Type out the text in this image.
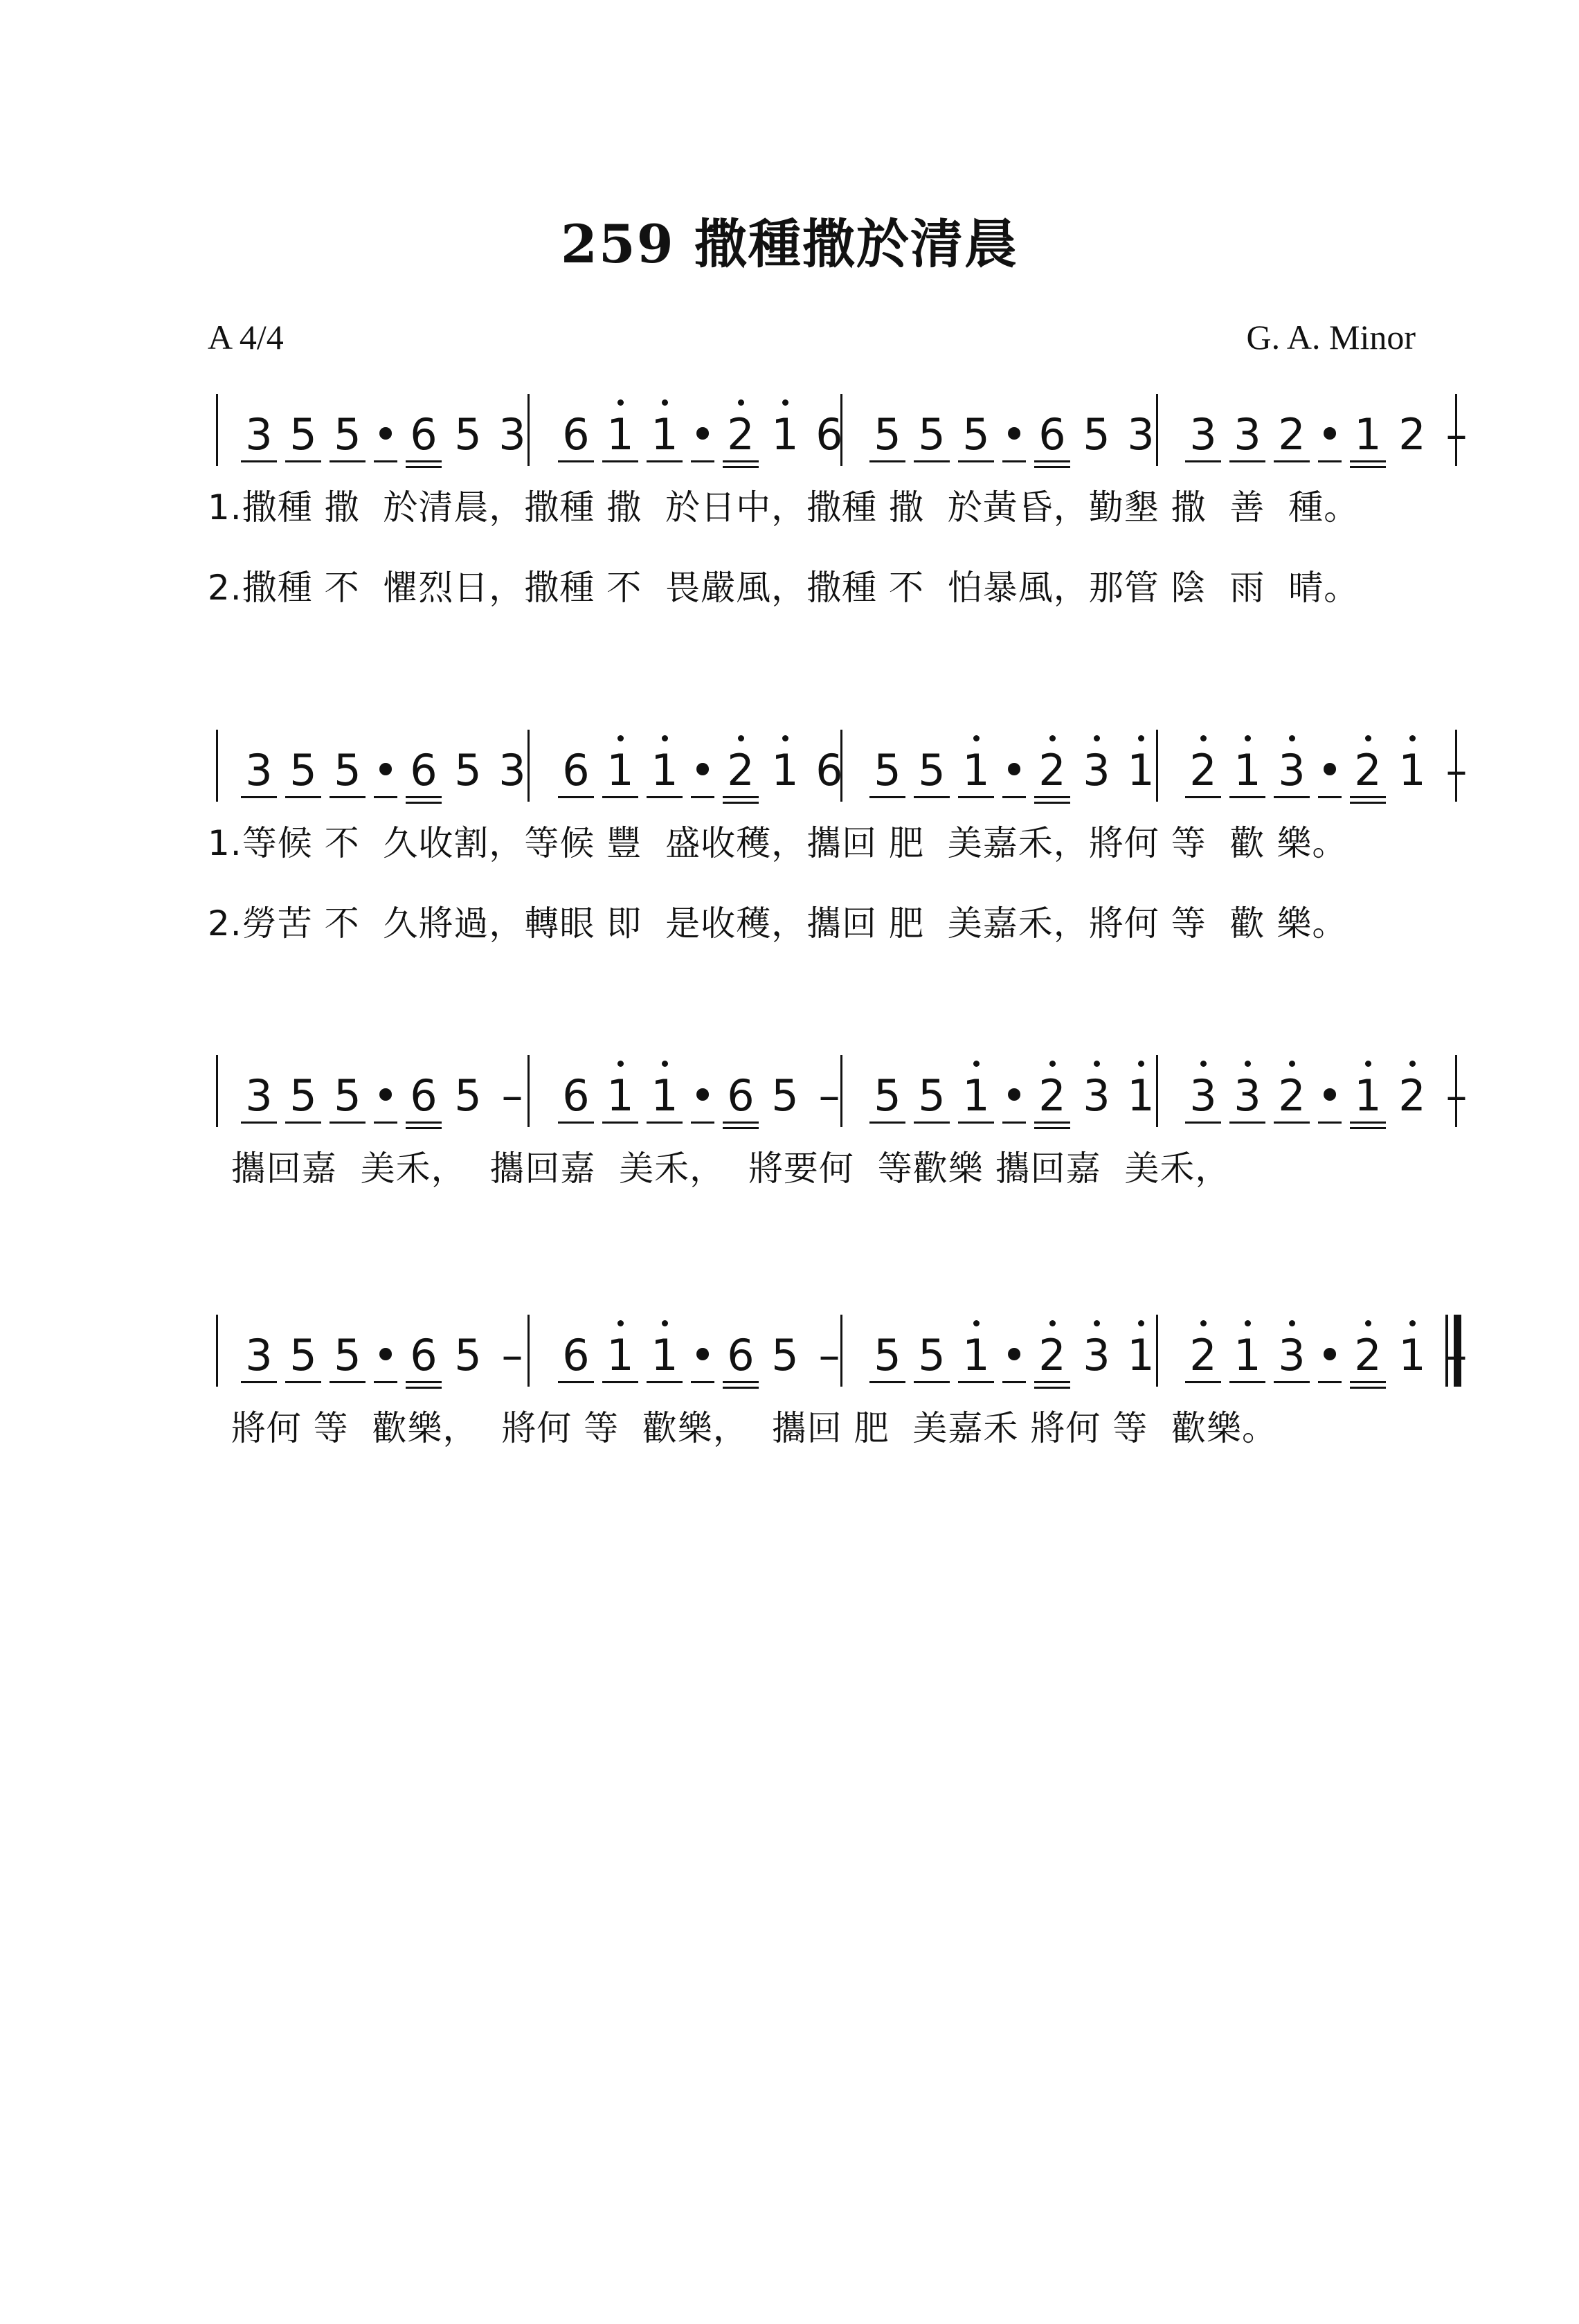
259 撒種撒於清晨
A 4/4	G. A. Minor
3 5 5 • 6 5 3 6 1 1 • 2 1 6 5 5 5 • 6 5 3 3 3 2 • 1 2 –
1.撒種 撒  於清晨，撒種 撒  於日中，撒種 撒  於黃昏，勤墾 撒  善  種。
2.撒種 不  懼烈日，撒種 不  畏嚴風，撒種 不  怕暴風，那管 陰  雨  晴。
3 5 5 • 6 5 3 6 1 1 • 2 1 6 5 5 1 • 2 3 1 2 1 3 • 2 1 –
1.等候 不  久收割，等候 豐  盛收穫，攜回 肥  美嘉禾，將何 等  歡 樂。
2.勞苦 不  久將過，轉眼 即  是收穫，攜回 肥  美嘉禾，將何 等  歡 樂。
3 5 5 • 6 5 – 6 1 1 • 6 5 – 5 5 1 • 2 3 1 3 3 2 • 1 2 –
攜回嘉  美禾，  攜回嘉  美禾，  將要何  等歡樂 攜回嘉  美禾，
3 5 5 • 6 5 – 6 1 1 • 6 5 – 5 5 1 • 2 3 1 2 1 3 • 2 1 –
將何 等  歡樂，  將何 等  歡樂，  攜回 肥  美嘉禾 將何 等  歡樂。
